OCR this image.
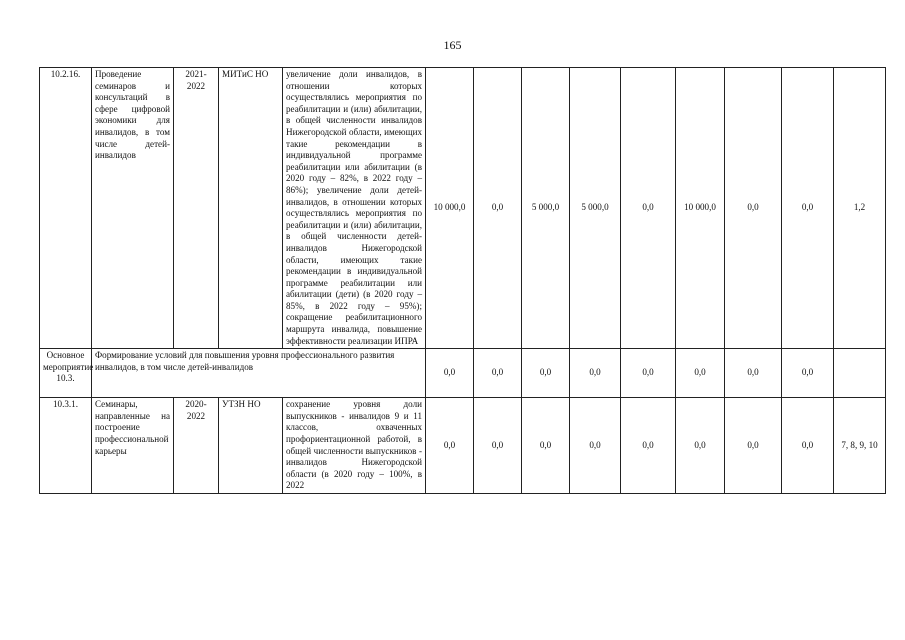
165
10.2.16.	Проведение семинаров и консультаций в сфере цифровой экономики для инвалидов, в том числе детей-инвалидов	2021-2022	МИТиС НО	увеличение доли инвалидов, в отношении которых осуществлялись мероприятия по реабилитации и (или) абилитации, в общей численности инвалидов Нижегородской области, имеющих такие рекомендации в индивидуальной программе реабилитации или абилитации (в 2020 году – 82%, в 2022 году – 86%); увеличение доли детей-инвалидов, в отношении которых осуществлялись мероприятия по реабилитации и (или) абилитации, в общей численности детей-инвалидов Нижегородской области, имеющих такие рекомендации в индивидуальной программе реабилитации или абилитации (дети) (в 2020 году – 85%, в 2022 году – 95%); сокращение реабилитационного маршрута инвалида, повышение эффективности реализации ИПРА	10 000,0	0,0	5 000,0	5 000,0	0,0	10 000,0	0,0	0,0	1,2
Основное мероприятие 10.3.	Формирование условий для повышения уровня профессионального развития инвалидов, в том числе детей-инвалидов				0,0	0,0	0,0	0,0	0,0	0,0	0,0	0,0	
10.3.1.	Семинары, направленные на построение профессиональной карьеры	2020-2022	УТЗН НО	сохранение уровня доли выпускников - инвалидов 9 и 11 классов, охваченных профориентационной работой, в общей численности выпускников - инвалидов Нижегородской области (в 2020 году – 100%, в 2022	0,0	0,0	0,0	0,0	0,0	0,0	0,0	0,0	7, 8, 9, 10
